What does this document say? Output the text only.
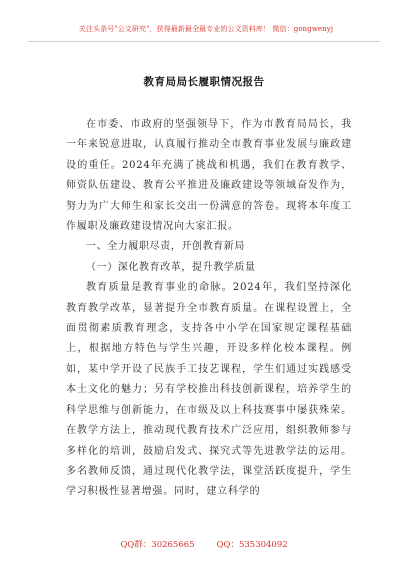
关注头条号"公文研究"，获得最新最全最专业的公文资料库！ 微信：gongwenyj
教育局局长履职情况报告

在市委、市政府的坚强领导下，作为市教育局局长，我一年来锐意进取，认真履行推动全市教育事业发展与廉政建设的重任。2024年充满了挑战和机遇，我们在教育教学、师资队伍建设、教育公平推进及廉政建设等领域奋发作为，努力为广大师生和家长交出一份满意的答卷。现将本年度工作履职及廉政建设情况向大家汇报。

一、全力履职尽责，开创教育新局

（一）深化教育改革，提升教学质量

教育质量是教育事业的命脉。2024年，我们坚持深化教育教学改革，显著提升全市教育质量。在课程设置上，全面贯彻素质教育理念，支持各中小学在国家规定课程基础上，根据地方特色与学生兴趣，开设多样化校本课程。例如，某中学开设了民族手工技艺课程，学生们通过实践感受本土文化的魅力；另有学校推出科技创新课程，培养学生的科学思维与创新能力，在市级及以上科技赛事中屡获殊荣。在教学方法上，推动现代教育技术广泛应用，组织教师参与多样化的培训，鼓励启发式、探究式等先进教学法的运用。多名教师反馈，通过现代化教学法，课堂活跃度提升，学生学习积极性显著增强。同时，建立科学的

QQ群：30265665	QQ：535304092
